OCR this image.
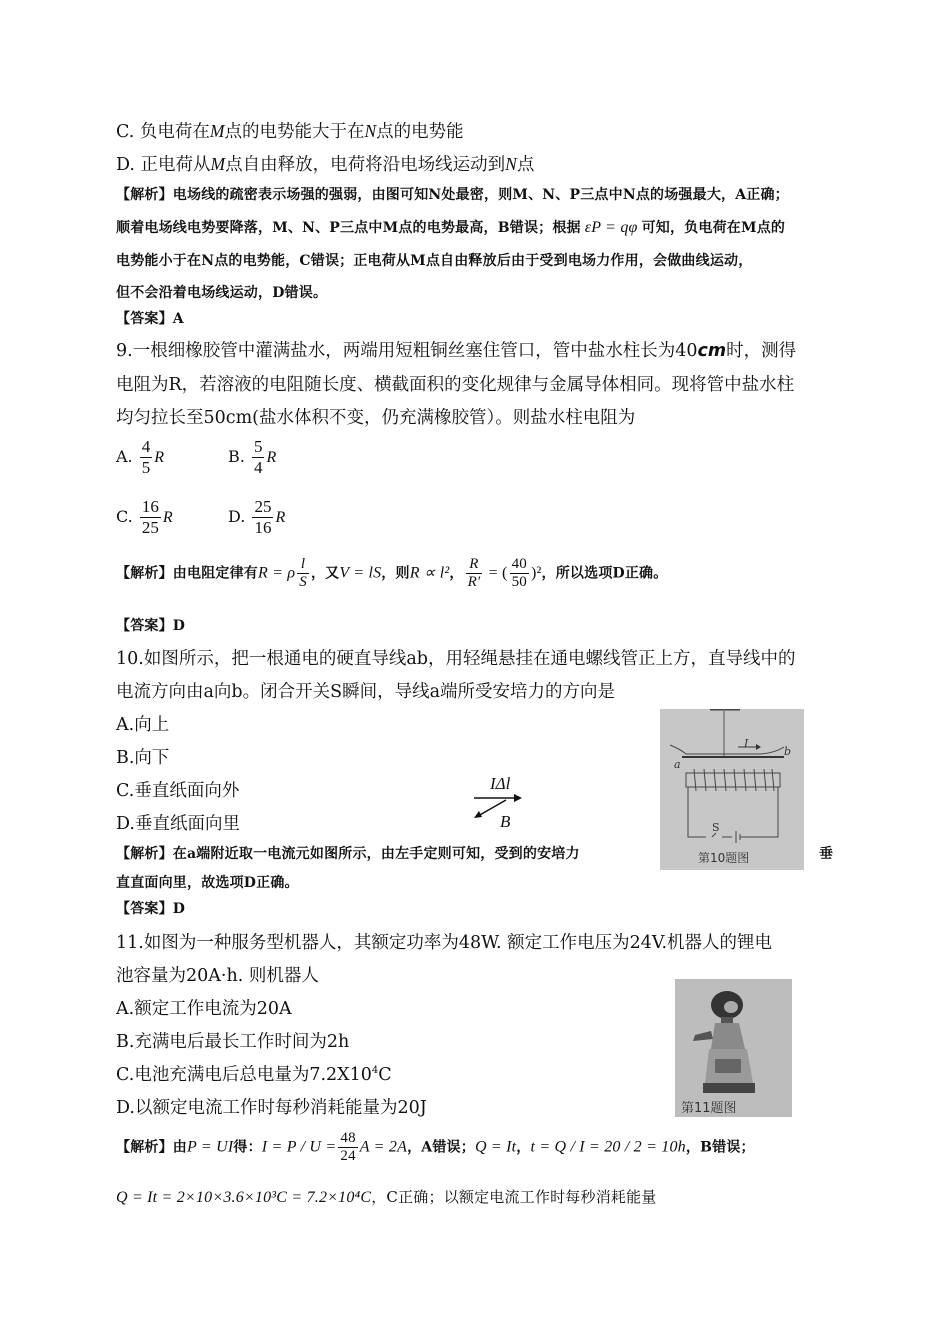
C. 负电荷在M点的电势能大于在N点的电势能
D. 正电荷从M点自由释放，电荷将沿电场线运动到N点
【解析】电场线的疏密表示场强的强弱，由图可知N处最密，则M、N、P三点中N点的场强最大，A正确；
顺着电场线电势要降落，M、N、P三点中M点的电势最高，B错误；根据 εP = qφ 可知，负电荷在M点的
电势能小于在N点的电势能，C错误；正电荷从M点自由释放后由于受到电场力作用，会做曲线运动，
但不会沿着电场线运动，D错误。
【答案】A
9.一根细橡胶管中灌满盐水，两端用短粗铜丝塞住管口，管中盐水柱长为40cm时，测得
电阻为R，若溶液的电阻随长度、横截面积的变化规律与金属导体相同。现将管中盐水柱
均匀拉长至50cm(盐水体积不变，仍充满橡胶管）。则盐水柱电阻为
A. $\frac{4}{5}$ R	B. $\frac{5}{4}$ R
C. $\frac{16}{25}$ R	D. $\frac{25}{16}$ R
【解析】由电阻定律有R = ρ $\frac{l}{S}$ ，又V = lS，则R ∝ l²， $\frac{R}{R'}$ = ( $\frac{40}{50} )^2$，所以选项D正确。
【答案】D
10.如图所示，把一根通电的硬直导线ab，用轻绳悬挂在通电螺线管正上方，直导线中的
电流方向由a向b。闭合开关S瞬间，导线a端所受安培力的方向是
A.向上
B.向下
C.垂直纸面向外
D.垂直纸面向里
IΔl
B
a
b
I
S
第10题图
【解析】在a端附近取一电流元如图所示，由左手定则可知，受到的安培力	垂
直直面向里，故选项D正确。
【答案】D
11.如图为一种服务型机器人，其额定功率为48W. 额定工作电压为24V.机器人的锂电
池容量为20A·h. 则机器人
A.额定工作电流为20A
B.充满电后最长工作时间为2h
C.电池充满电后总电量为$7.2X10^4C$
D.以额定电流工作时每秒消耗能量为20J	第11题图
【解析】由P = UI得：$I = P / U = \frac{48}{24}$ A = 2A，A错误；Q = It，t = Q / I = 20 / 2 = 10h，B错误；
Q = It = 2×10×3.6×10³C = 7.2×10⁴C，C正确；以额定电流工作时每秒消耗能量
